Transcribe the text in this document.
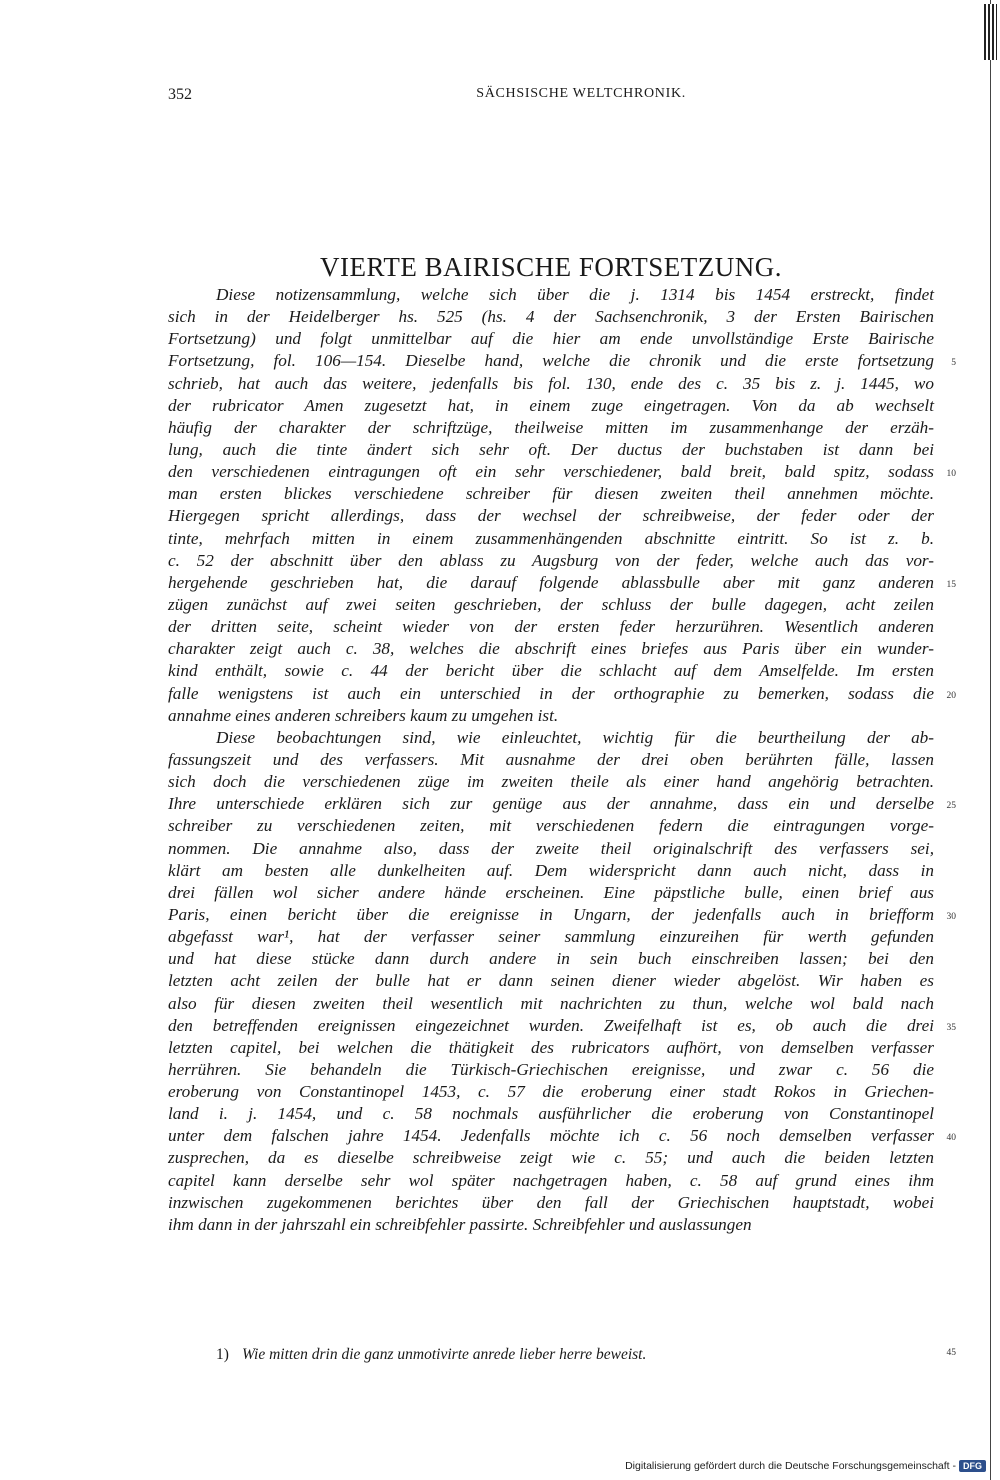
352	SÄCHSISCHE WELTCHRONIK.
VIERTE BAIRISCHE FORTSETZUNG.
Diese notizensammlung, welche sich über die j. 1314 bis 1454 erstreckt, findet
sich in der Heidelberger hs. 525 (hs. 4 der Sachsenchronik, 3 der Ersten Bairischen
Fortsetzung) und folgt unmittelbar auf die hier am ende unvollständige Erste Bairische
Fortsetzung, fol. 106—154. Dieselbe hand, welche die chronik und die erste fortsetzung 5
schrieb, hat auch das weitere, jedenfalls bis fol. 130, ende des c. 35 bis z. j. 1445, wo
der rubricator Amen zugesetzt hat, in einem zuge eingetragen. Von da ab wechselt
häufig der charakter der schriftzüge, theilweise mitten im zusammenhange der erzäh-
lung, auch die tinte ändert sich sehr oft. Der ductus der buchstaben ist dann bei
den verschiedenen eintragungen oft ein sehr verschiedener, bald breit, bald spitz, sodass 10
man ersten blickes verschiedene schreiber für diesen zweiten theil annehmen möchte.
Hiergegen spricht allerdings, dass der wechsel der schreibweise, der feder oder der
tinte, mehrfach mitten in einem zusammenhängenden abschnitte eintritt. So ist z. b.
c. 52 der abschnitt über den ablass zu Augsburg von der feder, welche auch das vor-
hergehende geschrieben hat, die darauf folgende ablassbulle aber mit ganz anderen 15
zügen zunächst auf zwei seiten geschrieben, der schluss der bulle dagegen, acht zeilen
der dritten seite, scheint wieder von der ersten feder herzurühren. Wesentlich anderen
charakter zeigt auch c. 38, welches die abschrift eines briefes aus Paris über ein wunder-
kind enthält, sowie c. 44 der bericht über die schlacht auf dem Amselfelde. Im ersten
falle wenigstens ist auch ein unterschied in der orthographie zu bemerken, sodass die 20
annahme eines anderen schreibers kaum zu umgehen ist.
Diese beobachtungen sind, wie einleuchtet, wichtig für die beurtheilung der ab-
fassungszeit und des verfassers. Mit ausnahme der drei oben berührten fälle, lassen
sich doch die verschiedenen züge im zweiten theile als einer hand angehörig betrachten.
Ihre unterschiede erklären sich zur genüge aus der annahme, dass ein und derselbe 25
schreiber zu verschiedenen zeiten, mit verschiedenen federn die eintragungen vorge-
nommen. Die annahme also, dass der zweite theil originalschrift des verfassers sei,
klärt am besten alle dunkelheiten auf. Dem widerspricht dann auch nicht, dass in
drei fällen wol sicher andere hände erscheinen. Eine päpstliche bulle, einen brief aus
Paris, einen bericht über die ereignisse in Ungarn, der jedenfalls auch in briefform 30
abgefasst war¹, hat der verfasser seiner sammlung einzureihen für werth gefunden
und hat diese stücke dann durch andere in sein buch einschreiben lassen; bei den
letzten acht zeilen der bulle hat er dann seinen diener wieder abgelöst. Wir haben es
also für diesen zweiten theil wesentlich mit nachrichten zu thun, welche wol bald nach
den betreffenden ereignissen eingezeichnet wurden. Zweifelhaft ist es, ob auch die drei 35
letzten capitel, bei welchen die thätigkeit des rubricators aufhört, von demselben verfasser
herrühren. Sie behandeln die Türkisch-Griechischen ereignisse, und zwar c. 56 die
eroberung von Constantinopel 1453, c. 57 die eroberung einer stadt Rokos in Griechen-
land i. j. 1454, und c. 58 nochmals ausführlicher die eroberung von Constantinopel
unter dem falschen jahre 1454. Jedenfalls möchte ich c. 56 noch demselben verfasser 40
zusprechen, da es dieselbe schreibweise zeigt wie c. 55; und auch die beiden letzten
capitel kann derselbe sehr wol später nachgetragen haben, c. 58 auf grund eines ihm
inzwischen zugekommenen berichtes über den fall der Griechischen hauptstadt, wobei
ihm dann in der jahrszahl ein schreibfehler passirte. Schreibfehler und auslassungen
1) Wie mitten drin die ganz unmotivirte anrede lieber herre beweist.	45
Digitalisierung gefördert durch die Deutsche Forschungsgemeinschaft - DFG
